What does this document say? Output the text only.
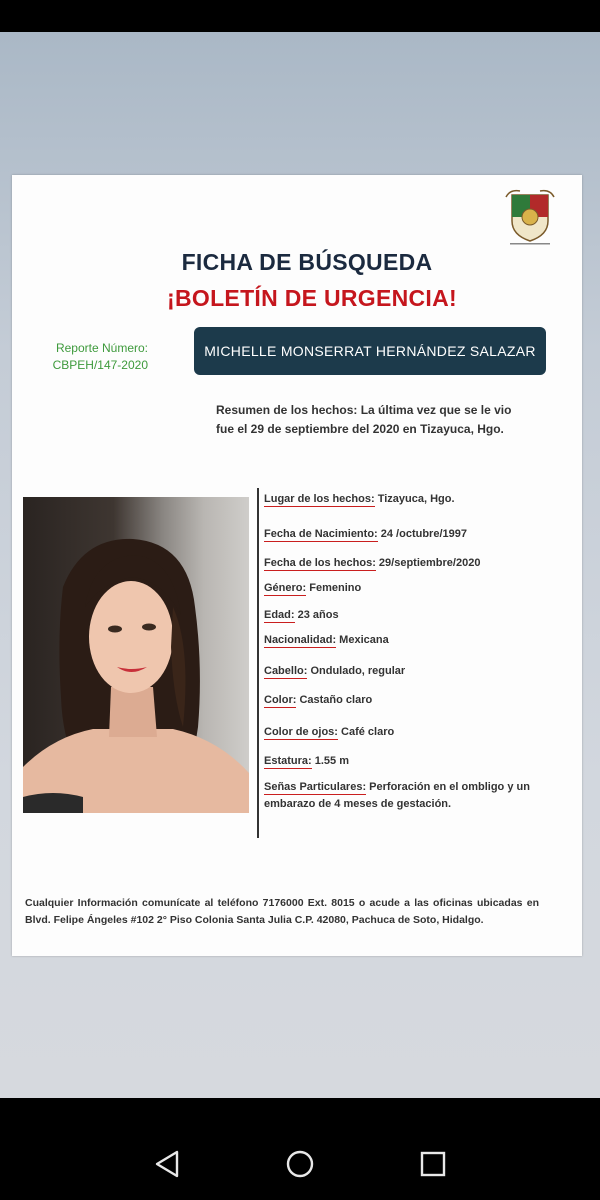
FICHA DE BÚSQUEDA
¡BOLETÍN DE URGENCIA!
Reporte Número:
CBPEH/147-2020
MICHELLE MONSERRAT HERNÁNDEZ SALAZAR
Resumen de los hechos: La última vez que se le vio
fue el 29 de septiembre del 2020 en Tizayuca, Hgo.
Lugar de los hechos: Tizayuca, Hgo.
Fecha de Nacimiento: 24 /octubre/1997
Fecha de los hechos: 29/septiembre/2020
Género: Femenino
Edad: 23 años
Nacionalidad: Mexicana
Cabello: Ondulado, regular
Color: Castaño claro
Color de ojos: Café claro
Estatura: 1.55 m
Señas Particulares: Perforación en el ombligo y un embarazo de 4 meses de gestación.
Cualquier Información comunícate al teléfono 7176000 Ext. 8015 o acude a las oficinas ubicadas en Blvd. Felipe Ángeles #102 2° Piso Colonia Santa Julia C.P. 42080, Pachuca de Soto, Hidalgo.
